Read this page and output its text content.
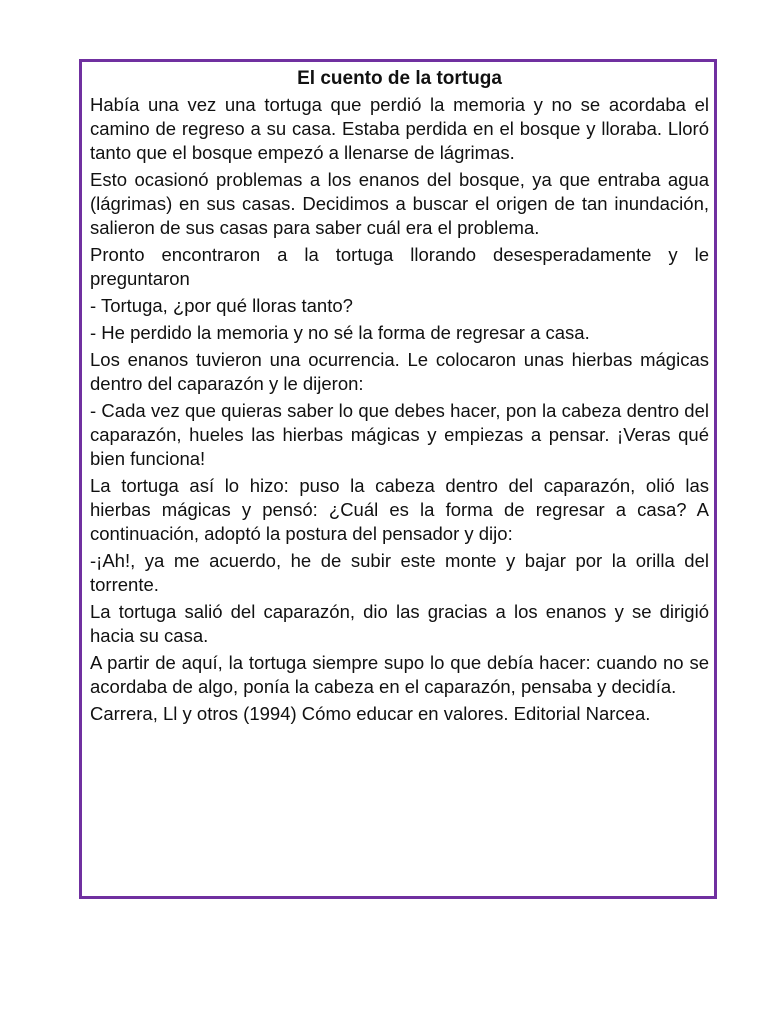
El cuento de la tortuga

Había una vez una tortuga que perdió la memoria y no se acordaba el camino de regreso a su casa. Estaba perdida en el bosque y lloraba. Lloró tanto que el bosque empezó a llenarse de lágrimas.

Esto ocasionó problemas a los enanos del bosque, ya que entraba agua (lágrimas) en sus casas. Decidimos a buscar el origen de tan inundación, salieron de sus casas para saber cuál era el problema.

Pronto encontraron a la tortuga llorando desesperadamente y le preguntaron

- Tortuga, ¿por qué lloras tanto?

- He perdido la memoria y no sé la forma de regresar a casa.

Los enanos tuvieron una ocurrencia. Le colocaron unas hierbas mágicas dentro del caparazón y le dijeron:

- Cada vez que quieras saber lo que debes hacer, pon la cabeza dentro del caparazón, hueles las hierbas mágicas y empiezas a pensar. ¡Veras qué bien funciona!

La tortuga así lo hizo: puso la cabeza dentro del caparazón, olió las hierbas mágicas y pensó: ¿Cuál es la forma de regresar a casa? A continuación, adoptó la postura del pensador y dijo:

-¡Ah!, ya me acuerdo, he de subir este monte y bajar por la orilla del torrente.

La tortuga salió del caparazón, dio las gracias a los enanos y se dirigió hacia su casa.

A partir de aquí, la tortuga siempre supo lo que debía hacer: cuando no se acordaba de algo, ponía la cabeza en el caparazón, pensaba y decidía.

Carrera, Ll y otros (1994) Cómo educar en valores. Editorial Narcea.
